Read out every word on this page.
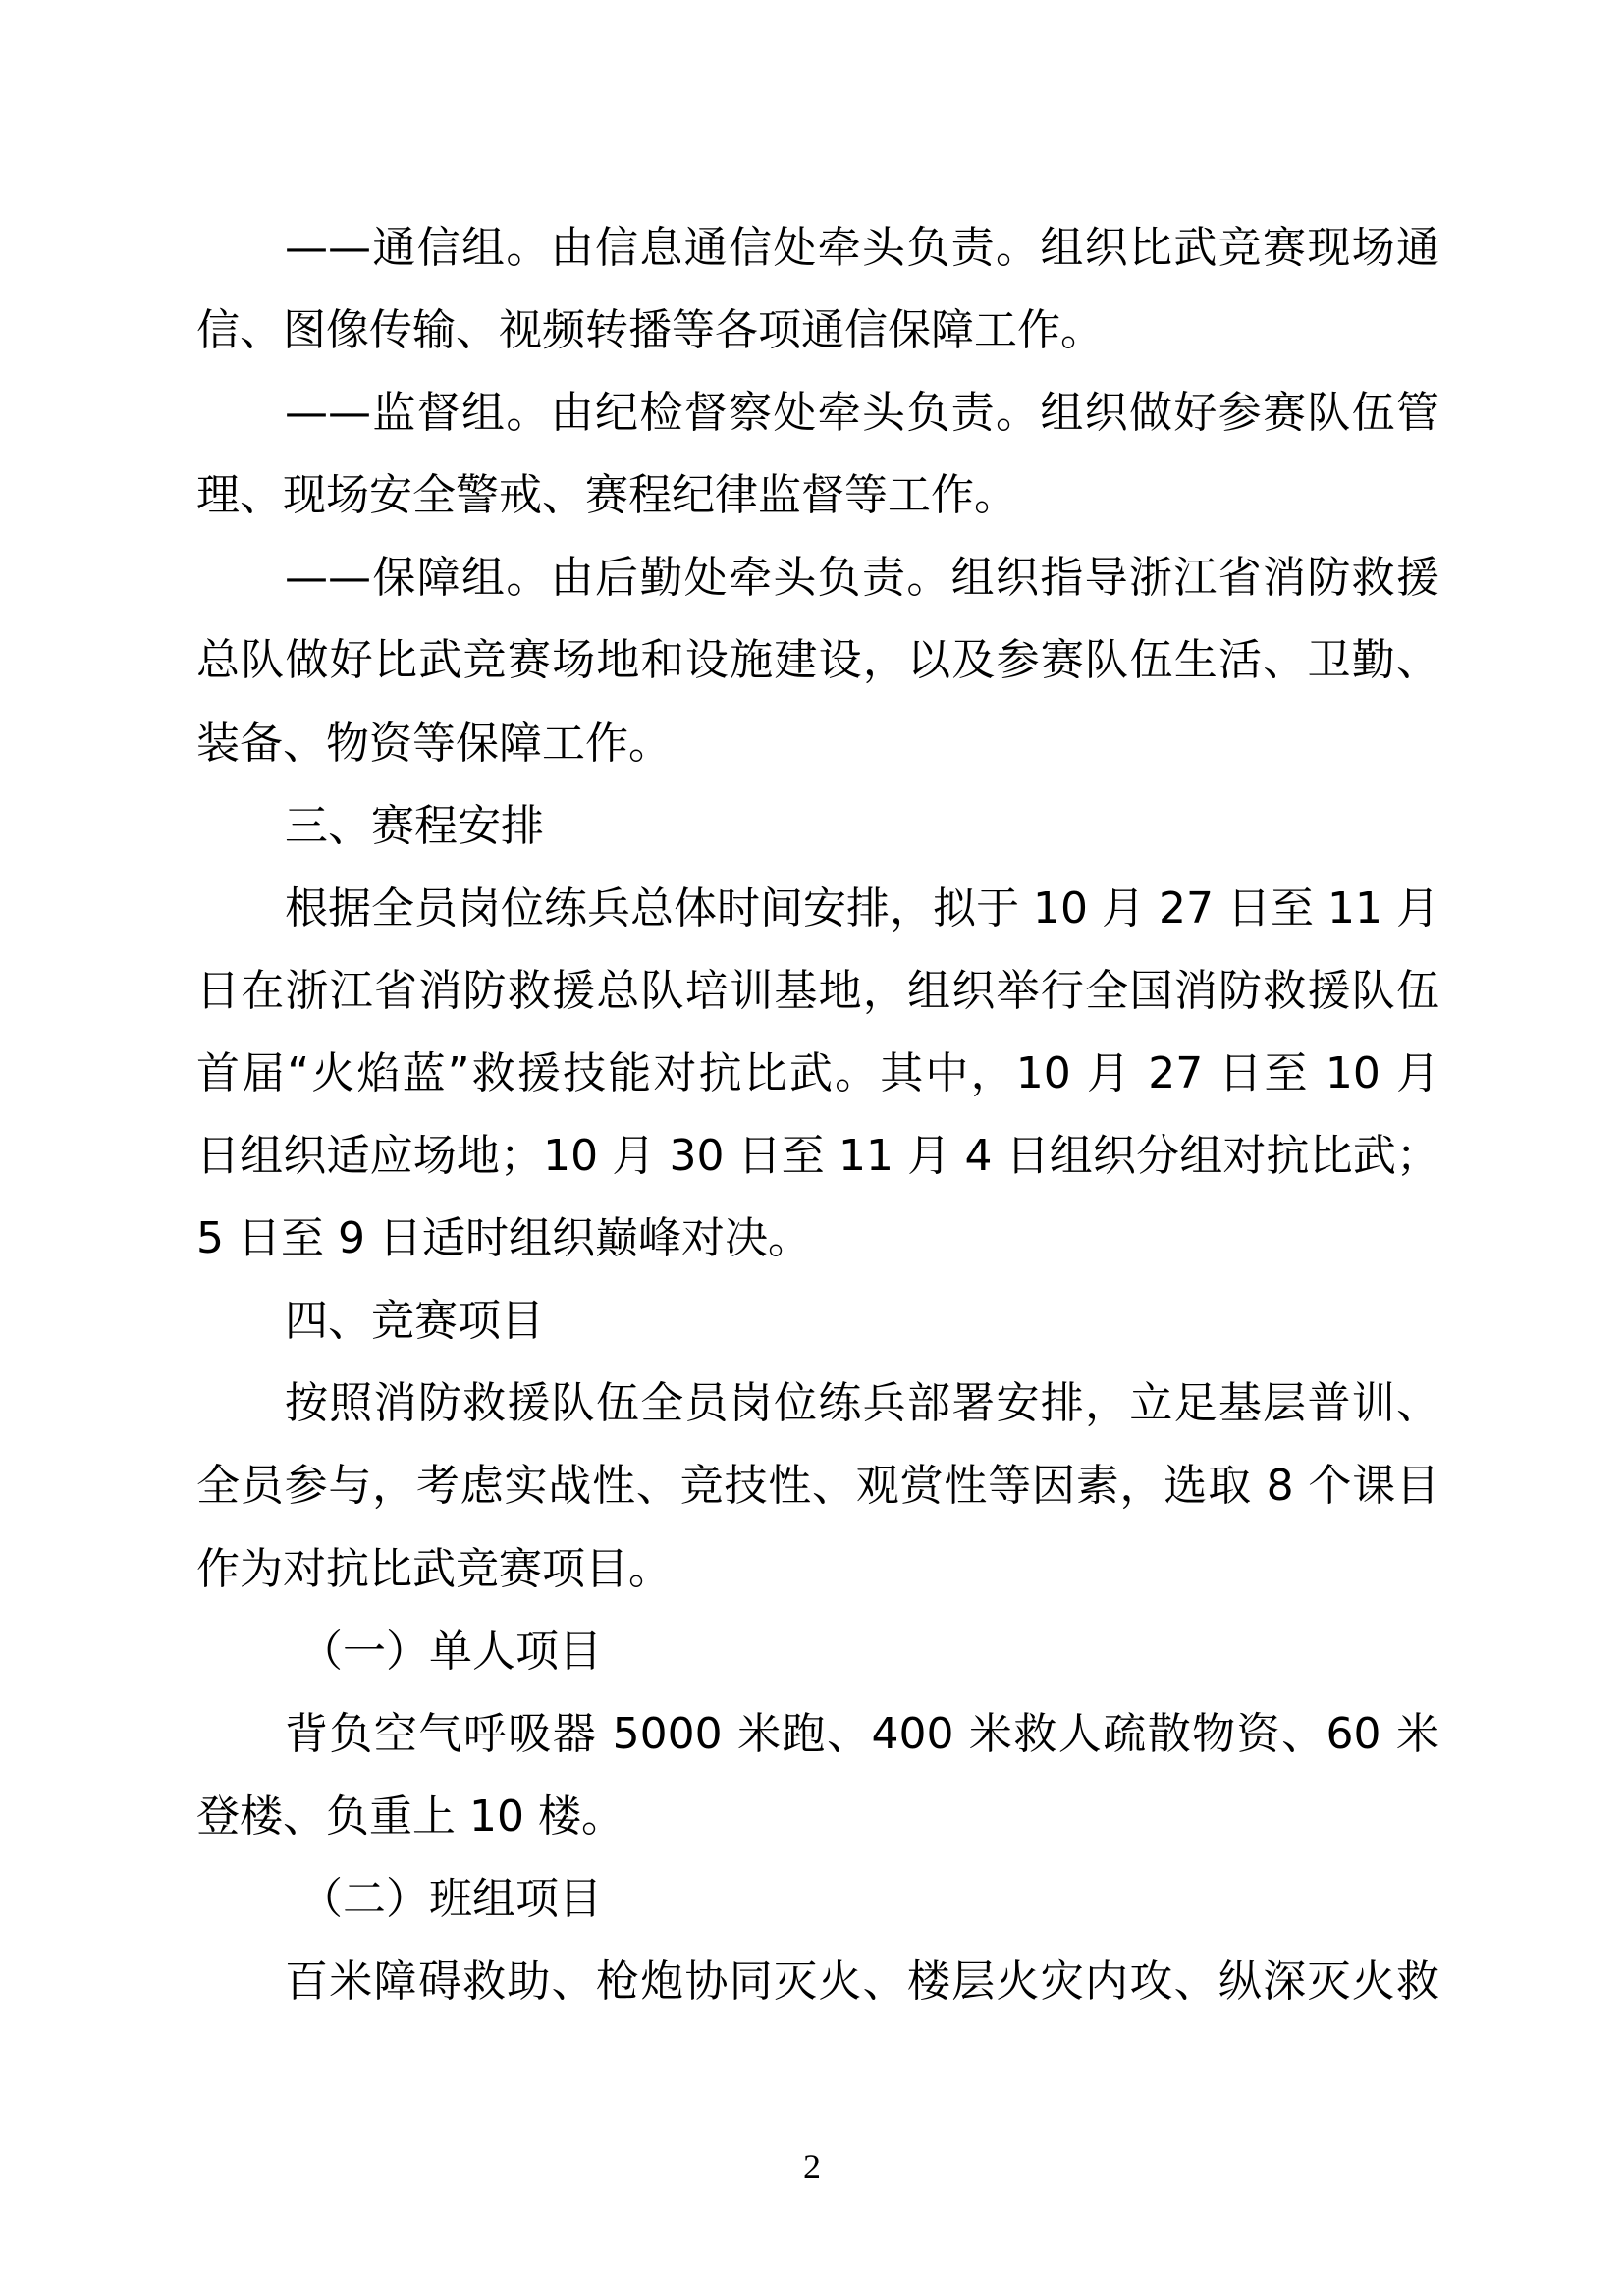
——通信组。由信息通信处牵头负责。组织比武竞赛现场通
信、图像传输、视频转播等各项通信保障工作。
——监督组。由纪检督察处牵头负责。组织做好参赛队伍管
理、现场安全警戒、赛程纪律监督等工作。
——保障组。由后勤处牵头负责。组织指导浙江省消防救援
总队做好比武竞赛场地和设施建设，以及参赛队伍生活、卫勤、
装备、物资等保障工作。
三、赛程安排
根据全员岗位练兵总体时间安排，拟于 10 月 27 日至 11 月
日在浙江省消防救援总队培训基地，组织举行全国消防救援队伍
首届“火焰蓝”救援技能对抗比武。其中，10 月 27 日至 10 月
日组织适应场地；10 月 30 日至 11 月 4 日组织分组对抗比武；
5 日至 9 日适时组织巅峰对决。
四、竞赛项目
按照消防救援队伍全员岗位练兵部署安排，立足基层普训、
全员参与，考虑实战性、竞技性、观赏性等因素，选取 8 个课目
作为对抗比武竞赛项目。
（一）单人项目
背负空气呼吸器 5000 米跑、400 米救人疏散物资、60 米
登楼、负重上 10 楼。
（二）班组项目
百米障碍救助、枪炮协同灭火、楼层火灾内攻、纵深灭火救
2
